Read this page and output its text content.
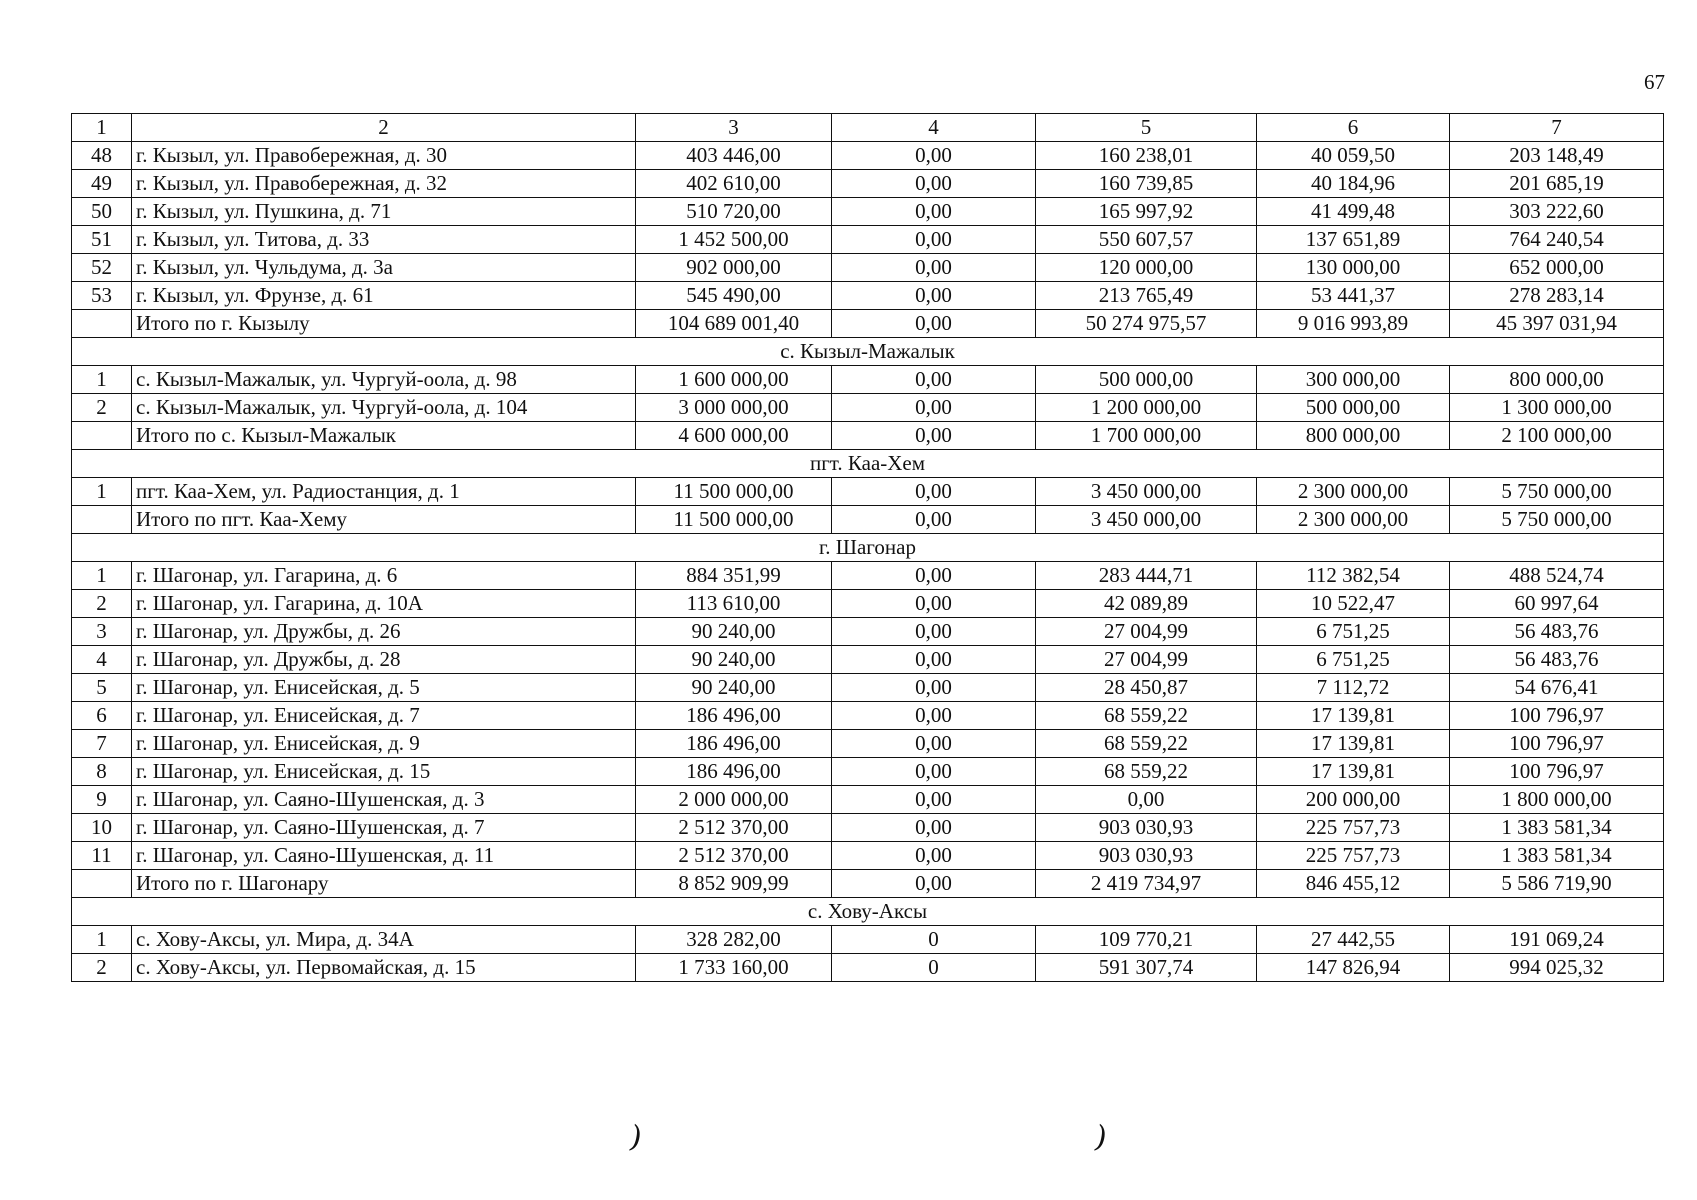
67
1	2	3	4	5	6	7
48	г. Кызыл, ул. Правобережная, д. 30	403 446,00	0,00	160 238,01	40 059,50	203 148,49
49	г. Кызыл, ул. Правобережная, д. 32	402 610,00	0,00	160 739,85	40 184,96	201 685,19
50	г. Кызыл, ул. Пушкина, д. 71	510 720,00	0,00	165 997,92	41 499,48	303 222,60
51	г. Кызыл, ул. Титова, д. 33	1 452 500,00	0,00	550 607,57	137 651,89	764 240,54
52	г. Кызыл, ул. Чульдума, д. 3а	902 000,00	0,00	120 000,00	130 000,00	652 000,00
53	г. Кызыл, ул. Фрунзе, д. 61	545 490,00	0,00	213 765,49	53 441,37	278 283,14
	Итого по г. Кызылу	104 689 001,40	0,00	50 274 975,57	9 016 993,89	45 397 031,94
с. Кызыл-Мажалык						
1	с. Кызыл-Мажалык, ул. Чургуй-оола, д. 98	1 600 000,00	0,00	500 000,00	300 000,00	800 000,00
2	с. Кызыл-Мажалык, ул. Чургуй-оола, д. 104	3 000 000,00	0,00	1 200 000,00	500 000,00	1 300 000,00
	Итого по с. Кызыл-Мажалык	4 600 000,00	0,00	1 700 000,00	800 000,00	2 100 000,00
пгт. Каа-Хем						
1	пгт. Каа-Хем, ул. Радиостанция, д. 1	11 500 000,00	0,00	3 450 000,00	2 300 000,00	5 750 000,00
	Итого по пгт. Каа-Хему	11 500 000,00	0,00	3 450 000,00	2 300 000,00	5 750 000,00
г. Шагонар						
1	г. Шагонар, ул. Гагарина, д. 6	884 351,99	0,00	283 444,71	112 382,54	488 524,74
2	г. Шагонар, ул. Гагарина, д. 10А	113 610,00	0,00	42 089,89	10 522,47	60 997,64
3	г. Шагонар, ул. Дружбы, д. 26	90 240,00	0,00	27 004,99	6 751,25	56 483,76
4	г. Шагонар, ул. Дружбы, д. 28	90 240,00	0,00	27 004,99	6 751,25	56 483,76
5	г. Шагонар, ул. Енисейская, д. 5	90 240,00	0,00	28 450,87	7 112,72	54 676,41
6	г. Шагонар, ул. Енисейская, д. 7	186 496,00	0,00	68 559,22	17 139,81	100 796,97
7	г. Шагонар, ул. Енисейская, д. 9	186 496,00	0,00	68 559,22	17 139,81	100 796,97
8	г. Шагонар, ул. Енисейская, д. 15	186 496,00	0,00	68 559,22	17 139,81	100 796,97
9	г. Шагонар, ул. Саяно-Шушенская, д. 3	2 000 000,00	0,00	0,00	200 000,00	1 800 000,00
10	г. Шагонар, ул. Саяно-Шушенская, д. 7	2 512 370,00	0,00	903 030,93	225 757,73	1 383 581,34
11	г. Шагонар, ул. Саяно-Шушенская, д. 11	2 512 370,00	0,00	903 030,93	225 757,73	1 383 581,34
	Итого по г. Шагонару	8 852 909,99	0,00	2 419 734,97	846 455,12	5 586 719,90
с. Хову-Аксы						
1	с. Хову-Аксы, ул. Мира, д. 34А	328 282,00	0	109 770,21	27 442,55	191 069,24
2	с. Хову-Аксы, ул. Первомайская, д. 15	1 733 160,00	0	591 307,74	147 826,94	994 025,32
)	)
